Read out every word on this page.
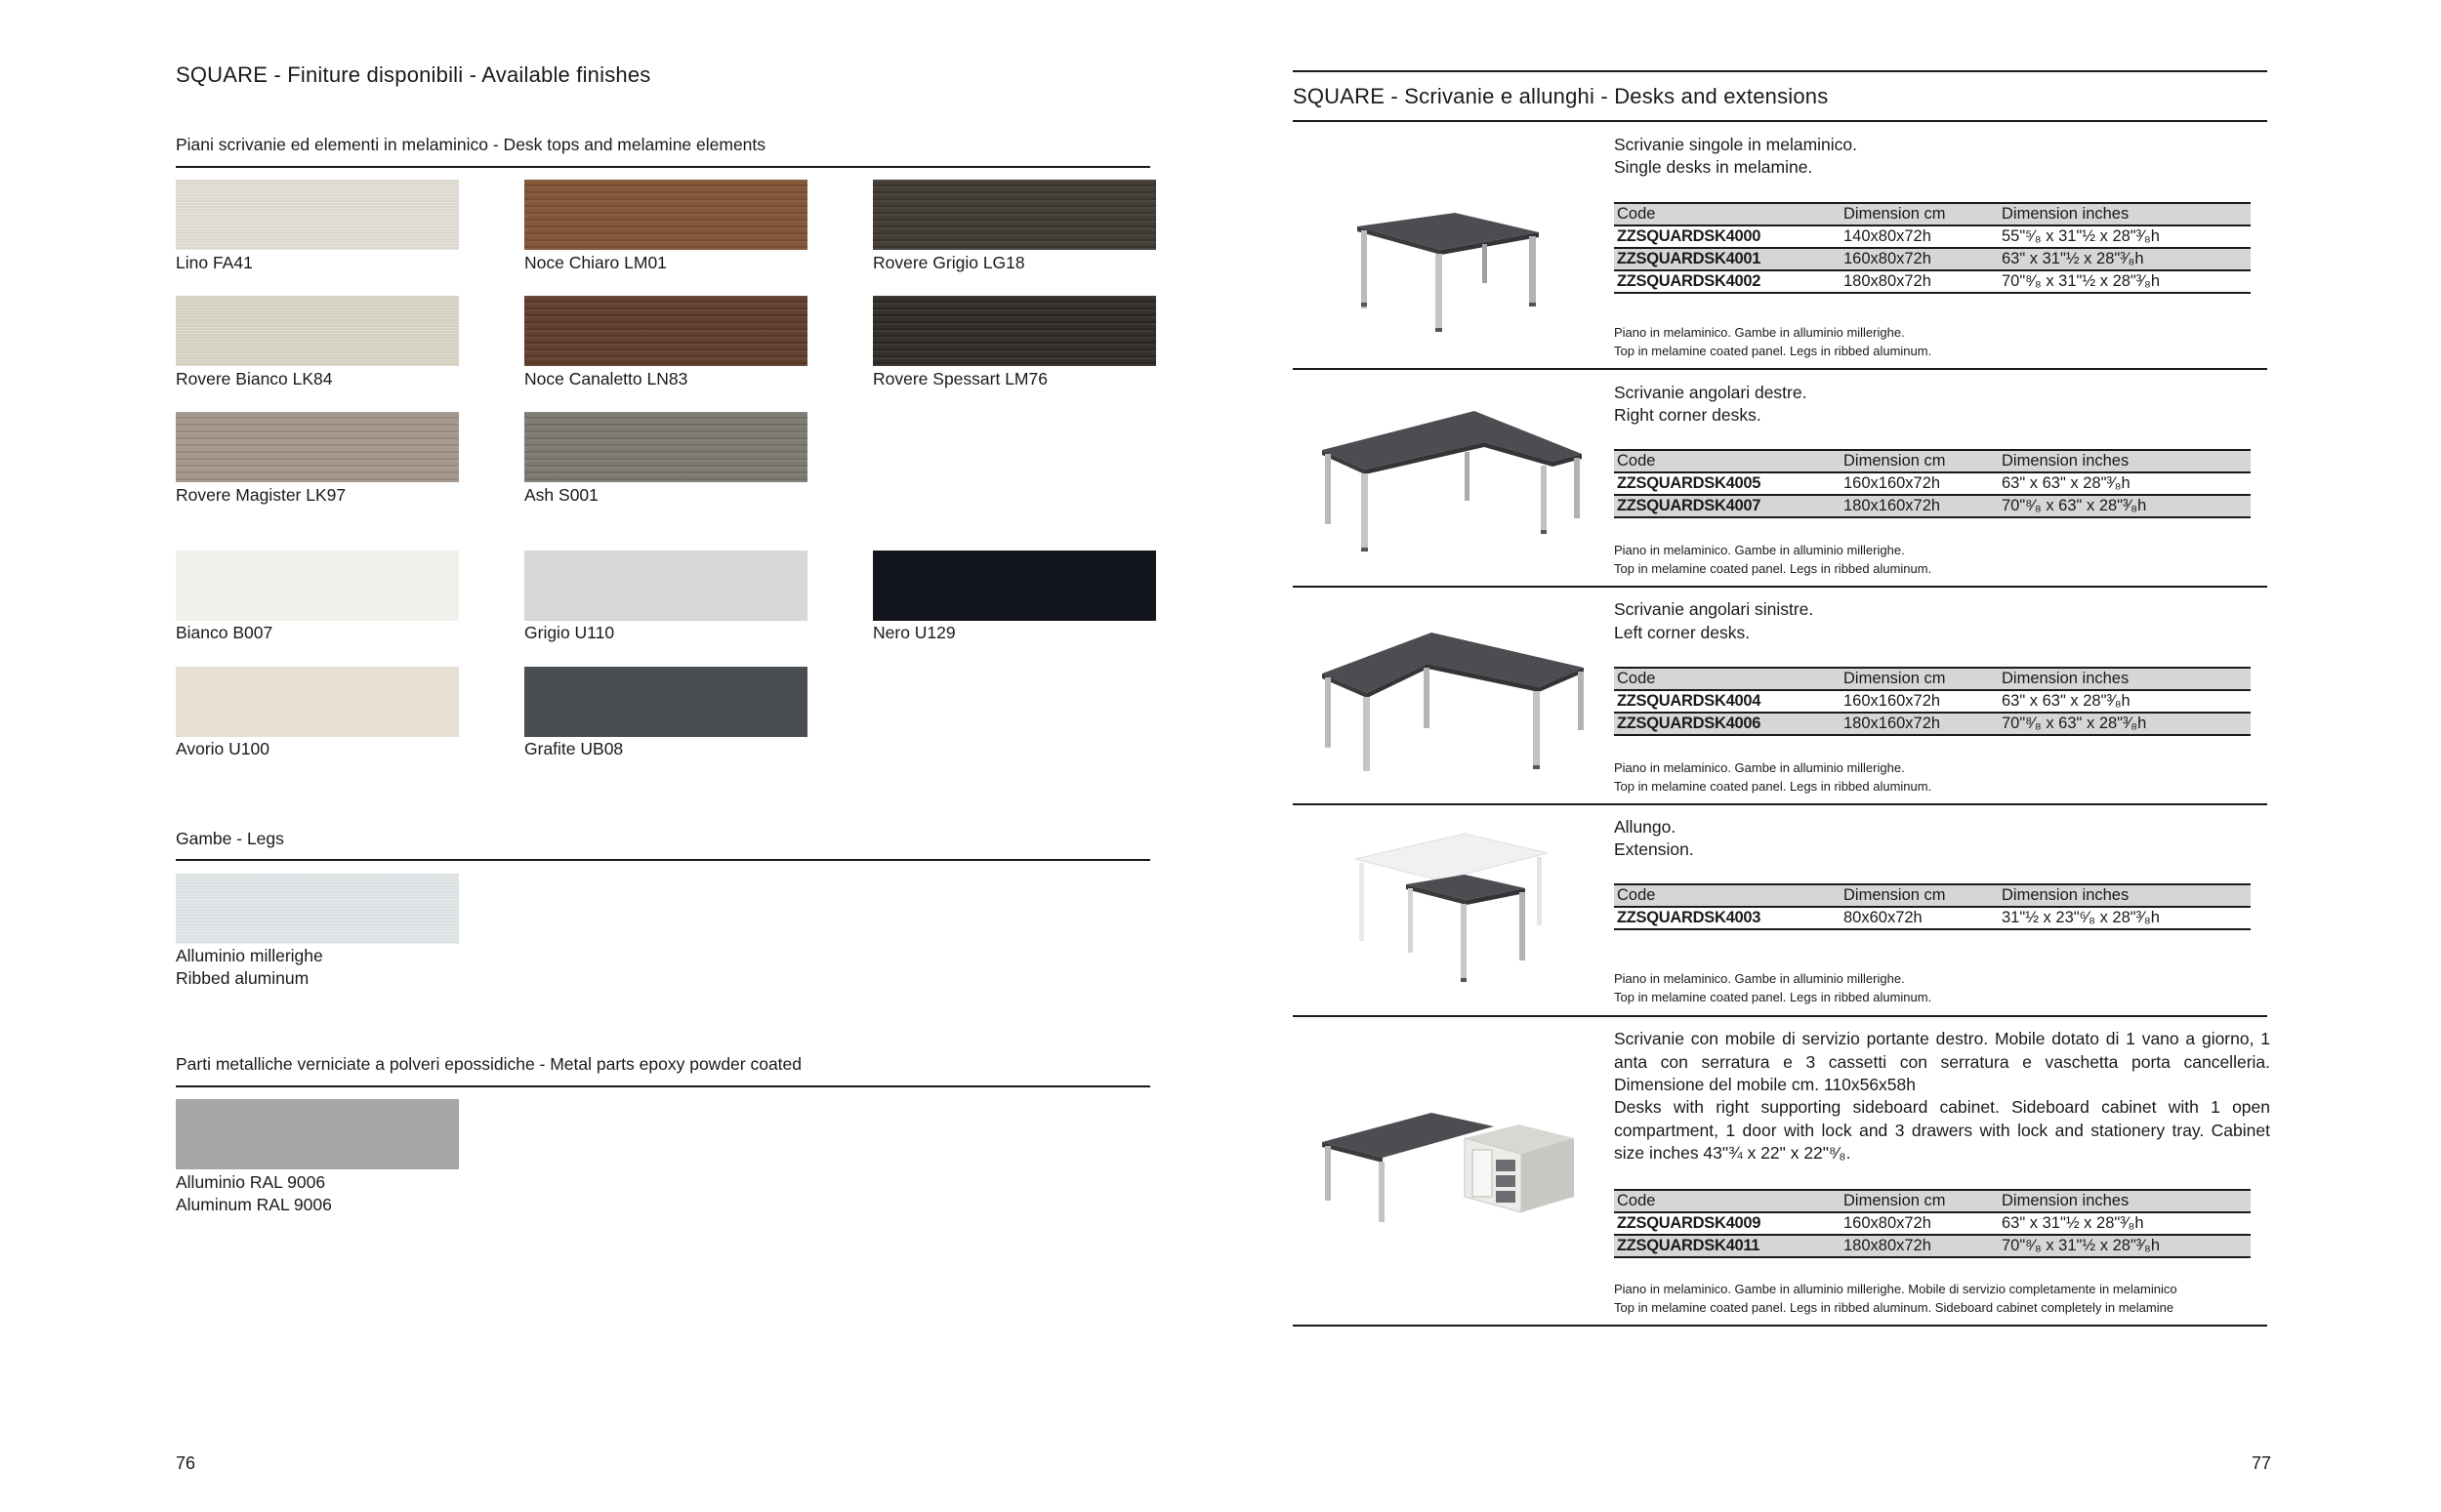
SQUARE - Finiture disponibili - Available finishes
Piani scrivanie ed elementi in melaminico - Desk tops and melamine elements
Lino FA41	Noce Chiaro LM01	Rovere Grigio LG18
Rovere Bianco LK84	Noce Canaletto LN83	Rovere Spessart LM76
Rovere Magister LK97	Ash S001
Bianco B007	Grigio U110	Nero U129
Avorio U100	Grafite UB08
Gambe - Legs
Alluminio millerighe
Ribbed aluminum
Parti metalliche verniciate a polveri epossidiche - Metal parts epoxy powder coated
Alluminio RAL 9006
Aluminum RAL 9006
76
SQUARE - Scrivanie e allunghi - Desks and extensions
Scrivanie singole in melaminico.
Single desks in melamine.
Code	Dimension cm	Dimension inches
ZZSQUARDSK4000	140x80x72h	55"⁵⁄₈ x 31"½ x 28"³⁄₈h
ZZSQUARDSK4001	160x80x72h	63" x 31"½ x 28"³⁄₈h
ZZSQUARDSK4002	180x80x72h	70"⁸⁄₈ x 31"½ x 28"³⁄₈h
Piano in melaminico. Gambe in alluminio millerighe.
Top in melamine coated panel. Legs in ribbed aluminum.
Scrivanie angolari destre.
Right corner desks.
Code	Dimension cm	Dimension inches
ZZSQUARDSK4005	160x160x72h	63" x 63" x 28"³⁄₈h
ZZSQUARDSK4007	180x160x72h	70"⁸⁄₈ x 63" x 28"³⁄₈h
Piano in melaminico. Gambe in alluminio millerighe.
Top in melamine coated panel. Legs in ribbed aluminum.
Scrivanie angolari sinistre.
Left corner desks.
Code	Dimension cm	Dimension inches
ZZSQUARDSK4004	160x160x72h	63" x 63" x 28"³⁄₈h
ZZSQUARDSK4006	180x160x72h	70"⁸⁄₈ x 63" x 28"³⁄₈h
Piano in melaminico. Gambe in alluminio millerighe.
Top in melamine coated panel. Legs in ribbed aluminum.
Allungo.
Extension.
Code	Dimension cm	Dimension inches
ZZSQUARDSK4003	80x60x72h	31"½ x 23"⁶⁄₈ x 28"³⁄₈h
Piano in melaminico. Gambe in alluminio millerighe.
Top in melamine coated panel. Legs in ribbed aluminum.
Scrivanie con mobile di servizio portante destro. Mobile dotato di 1 vano a giorno, 1 anta con serratura e 3 cassetti con serratura e vaschetta porta cancelleria. Dimensione del mobile cm. 110x56x58h
Desks with right supporting sideboard cabinet. Sideboard cabinet with 1 open compartment, 1 door with lock and 3 drawers with lock and stationery tray. Cabinet size inches 43"¾ x 22" x 22"⁸⁄₈.
Code	Dimension cm	Dimension inches
ZZSQUARDSK4009	160x80x72h	63" x 31"½ x 28"³⁄₈h
ZZSQUARDSK4011	180x80x72h	70"⁸⁄₈ x 31"½ x 28"³⁄₈h
Piano in melaminico. Gambe in alluminio millerighe. Mobile di servizio completamente in melaminico
Top in melamine coated panel. Legs in ribbed aluminum. Sideboard cabinet completely in melamine
77
